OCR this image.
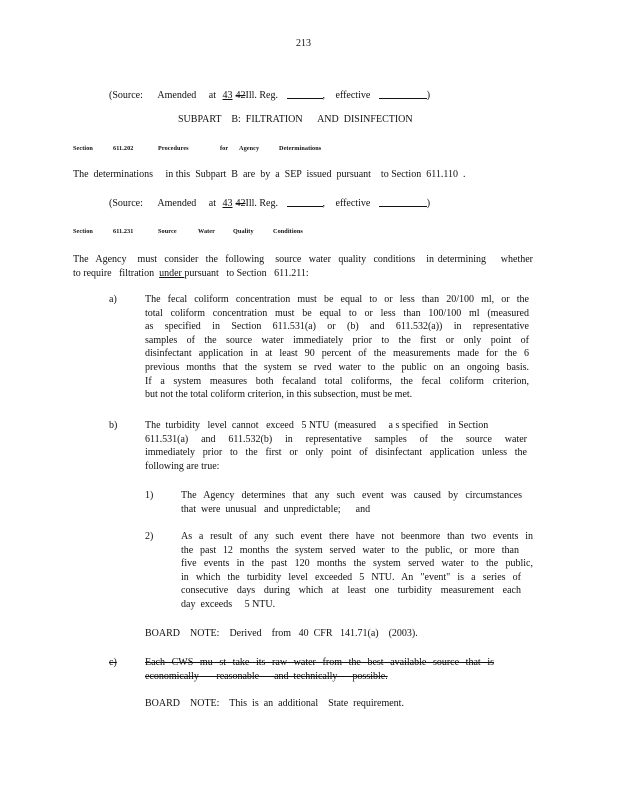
213
(Source: Amended at 43 42Ill. Reg.	, effective	)
SUBPART    B:  FILTRATION      AND  DISINFECTION
Section	611.202	Procedures	for Agency	Determinations
The  determinations     in this  Subpart  B  are  by  a  SEP  issued  pursuant    to Section  611.110  .
(Source: Amended at 43 42Ill. Reg.	, effective	)
Section	611.231	Source	Water	Quality	Conditions
The  Agency   must  consider  the  following   source  water  quality  conditions   in determining    whether
to require   filtration  under pursuant   to Section   611.211:
a)	The fecal coliform concentration must be equal to or less than 20/100 ml, or the
total coliform concentration must be equal to or less than 100/100 ml (measured
as specified in Section 611.531(a) or (b) and 611.532(a)) in representative
samples of the source water immediately prior to the first or only point of
disinfectant application in at least 90 percent of the measurements made for the 6
previous months that the system se rved water to the public on an ongoing basis.
If a system measures both fecaland total coliforms, the fecal coliform criterion,
but not the total coliform criterion, in this subsection, must be met.
b)	The  turbidity   level  cannot   exceed   5 NTU  (measured     a s specified    in Section
611.531(a) and 611.532(b) in representative samples of the source water
immediately prior to the first or only point of disinfectant application unless the
following are true:
1)	The Agency determines that any such event was caused by circumstances
that  were  unusual   and  unpredictable;      and
2)	As a result of any such event there have not beenmore than two events in
the past 12 months the system served water to the public, or more than
five events in the past 120 months the system served water to the public,
in which the turbidity level exceeded 5 NTU. An "event" is a series of
consecutive days during which at least one turbidity measurement each
day  exceeds     5 NTU.
BOARD    NOTE:    Derived    from   40  CFR   141.71(a)    (2003).
c)	Each CWS mu st take its raw water from the best available source that is
economically       reasonable      and  technically      possible.
BOARD    NOTE:    This  is  an  additional    State  requirement.
